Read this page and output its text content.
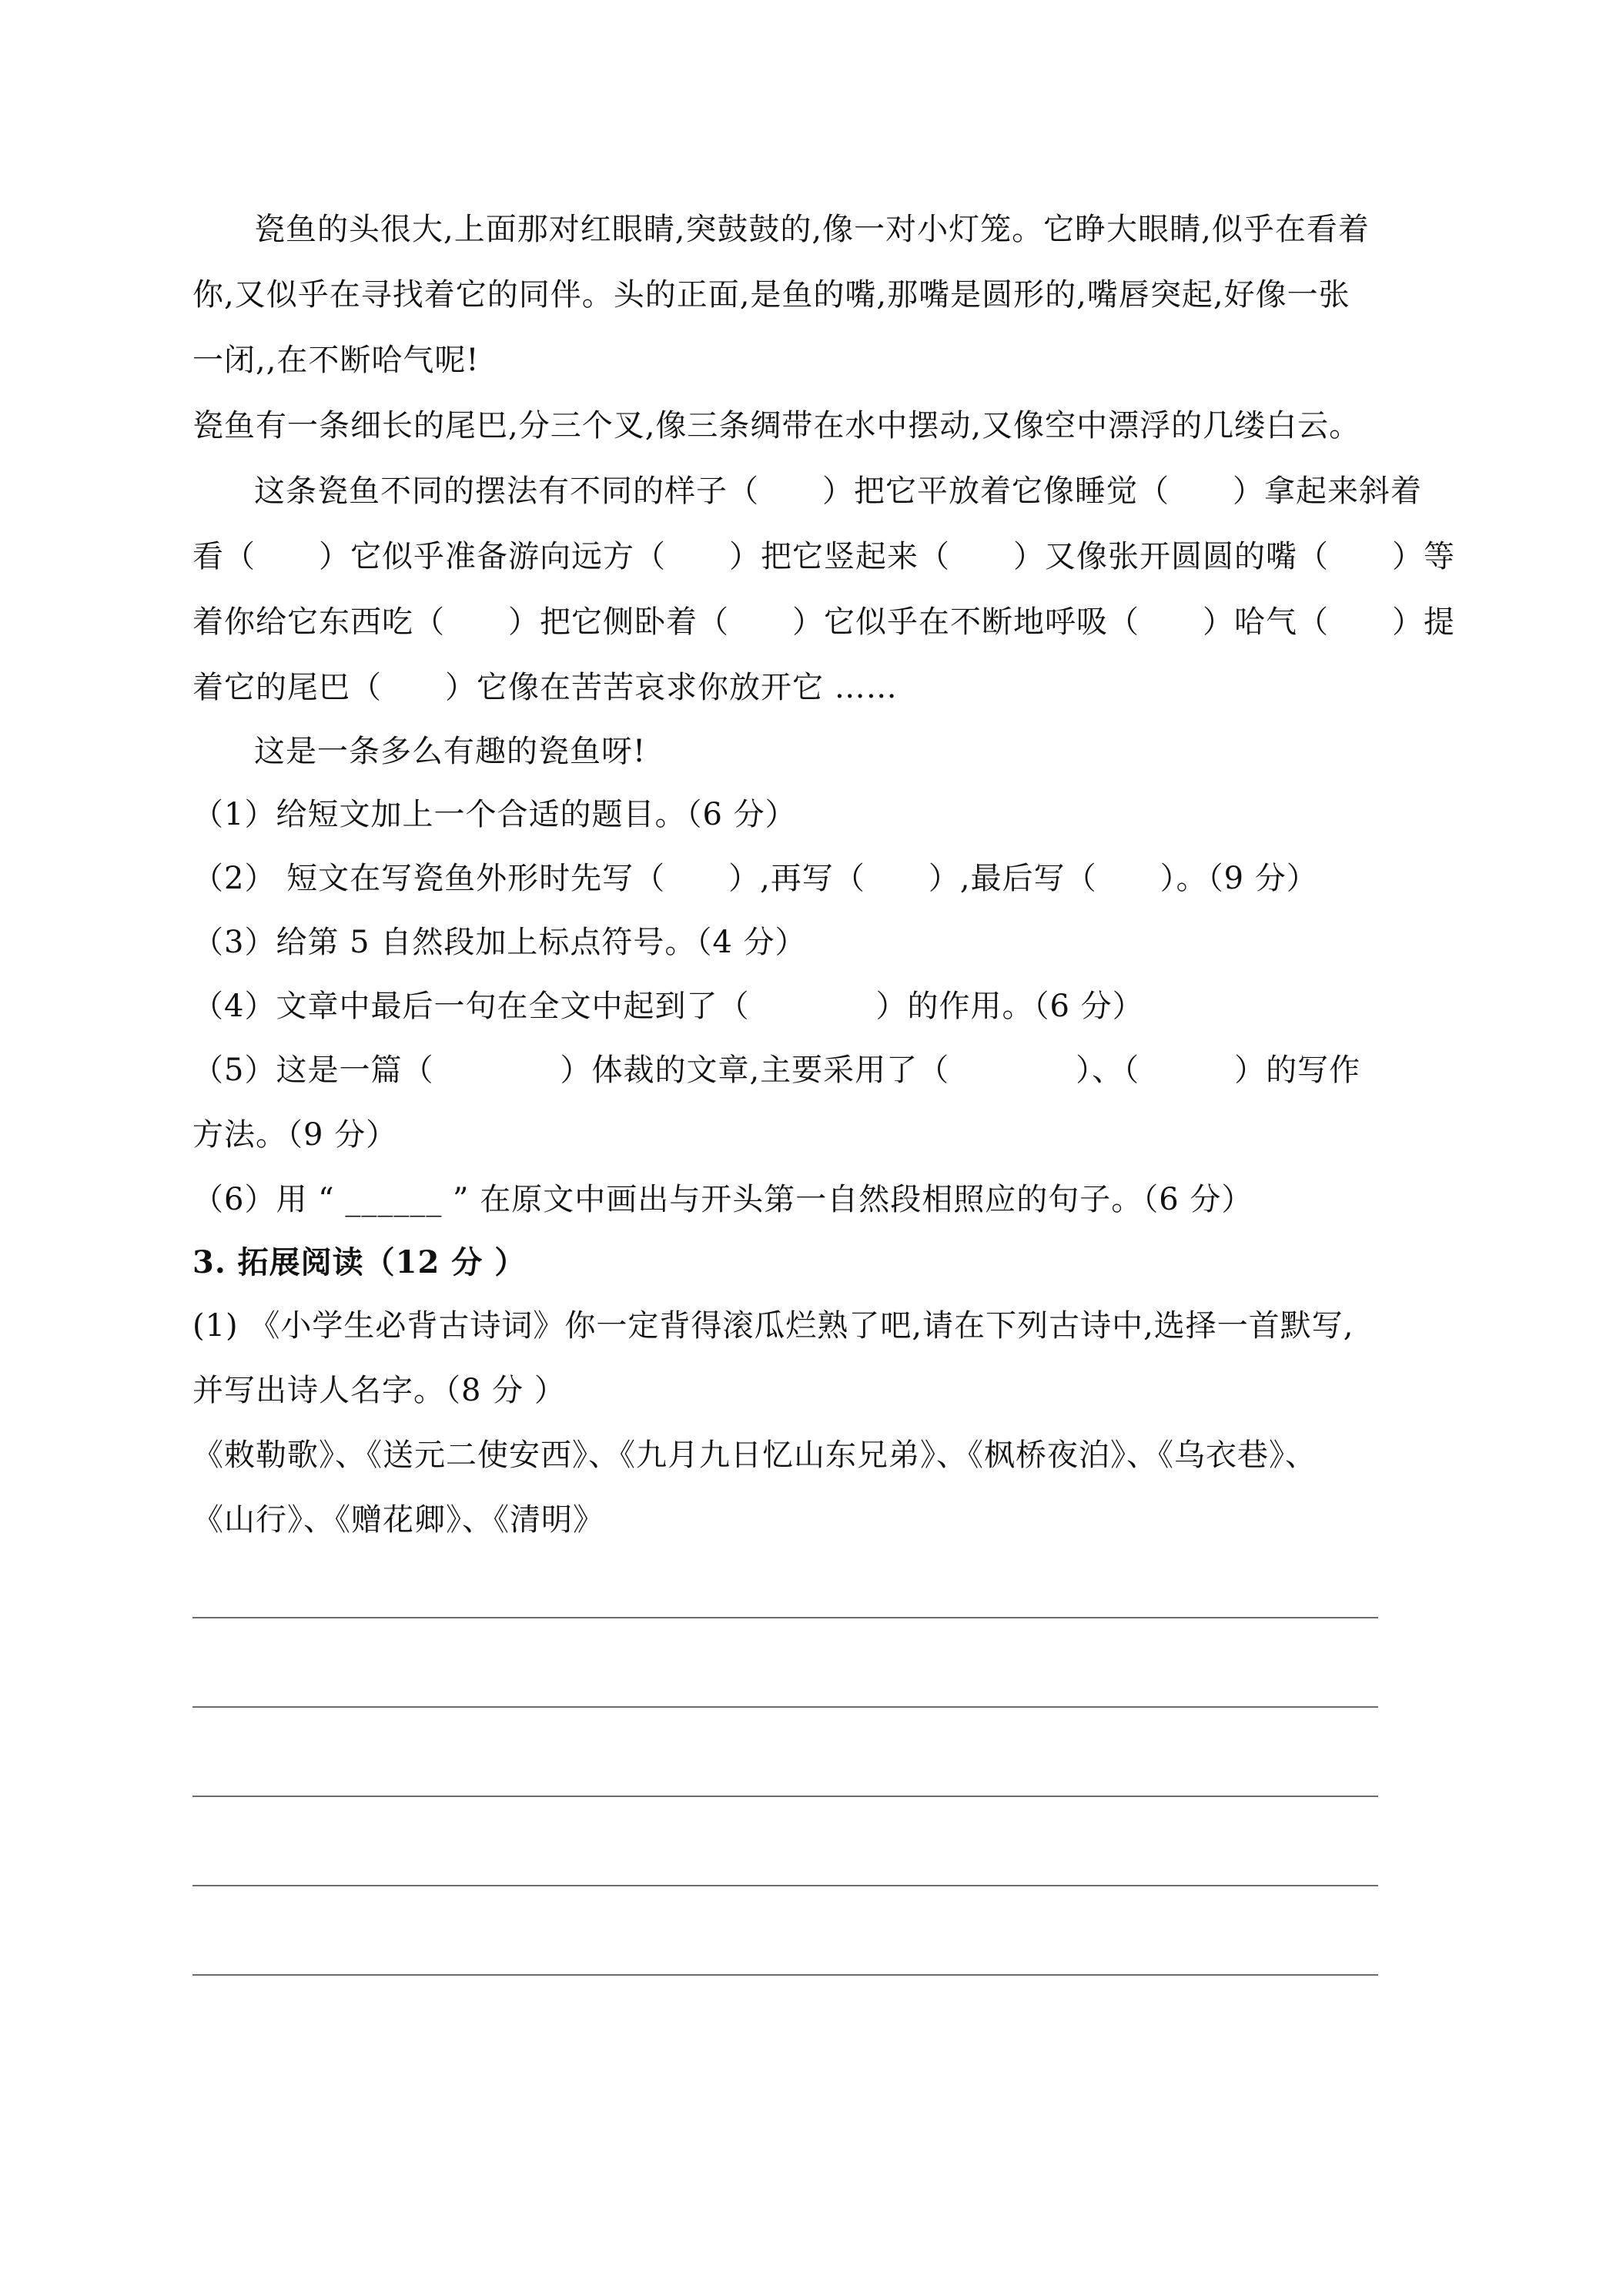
瓷鱼的头很大,上面那对红眼睛,突鼓鼓的,像一对小灯笼。它睁大眼睛,似乎在看着
你,又似乎在寻找着它的同伴。头的正面,是鱼的嘴,那嘴是圆形的,嘴唇突起,好像一张
一闭,,在不断哈气呢!
瓷鱼有一条细长的尾巴,分三个叉,像三条绸带在水中摆动,又像空中漂浮的几缕白云。
这条瓷鱼不同的摆法有不同的样子（　　）把它平放着它像睡觉（　　）拿起来斜着
看（　　）它似乎准备游向远方（　　）把它竖起来（　　）又像张开圆圆的嘴（　　）等
着你给它东西吃（　　）把它侧卧着（　　）它似乎在不断地呼吸（　　）哈气（　　）提
着它的尾巴（　　）它像在苦苦哀求你放开它 ……
这是一条多么有趣的瓷鱼呀!
（1）给短文加上一个合适的题目。（6 分）
（2） 短文在写瓷鱼外形时先写（　　）,再写（　　）,最后写（　　）。（9 分）
（3）给第 5 自然段加上标点符号。（4 分）
（4）文章中最后一句在全文中起到了（　　　　）的作用。（6 分）
（5）这是一篇（　　　　）体裁的文章,主要采用了（　　　　）、（　　　）的写作
方法。（9 分）
（6）用 “ ______ ” 在原文中画出与开头第一自然段相照应的句子。（6 分）
3. 拓展阅读（12 分 ）
(1) 《小学生必背古诗词》你一定背得滚瓜烂熟了吧,请在下列古诗中,选择一首默写,
并写出诗人名字。（8 分 ）
《敕勒歌》、《送元二使安西》、《九月九日忆山东兄弟》、《枫桥夜泊》、《乌衣巷》、
《山行》、《赠花卿》、《清明》
